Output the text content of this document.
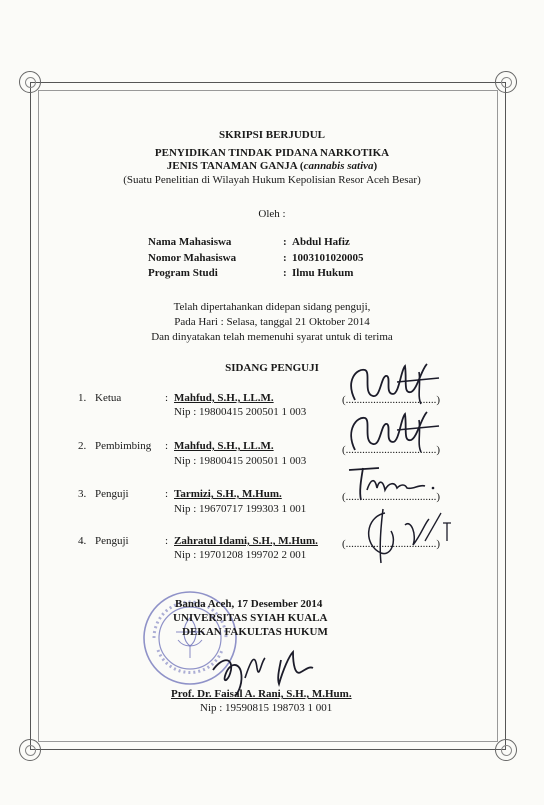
SKRIPSI BERJUDUL
PENYIDIKAN TINDAK PIDANA NARKOTIKA
JENIS TANAMAN GANJA (cannabis sativa)
(Suatu Penelitian di Wilayah Hukum Kepolisian Resor Aceh Besar)
Oleh :
Nama Mahasiswa	: Abdul Hafiz
Nomor Mahasiswa	: 1003101020005
Program Studi	: Ilmu Hukum
Telah dipertahankan didepan sidang penguji,
Pada Hari : Selasa, tanggal 21 Oktober 2014
Dan dinyatakan telah memenuhi syarat untuk di terima
SIDANG PENGUJI
1. Ketua	: Mahfud, S.H., LL.M.
Nip : 19800415 200501 1 003
(.................................)
2. Pembimbing : Mahfud, S.H., LL.M.
Nip : 19800415 200501 1 003
(.................................)
3. Penguji	: Tarmizi, S.H., M.Hum.
Nip : 19670717 199303 1 001
(.................................)
4. Penguji	: Zahratul Idami, S.H., M.Hum.
Nip : 19701208 199702 2 001
(.................................)
Banda Aceh, 17 Desember 2014
UNIVERSITAS SYIAH KUALA
DEKAN FAKULTAS HUKUM
Prof. Dr. Faisal A. Rani, S.H., M.Hum.
Nip : 19590815 198703 1 001
